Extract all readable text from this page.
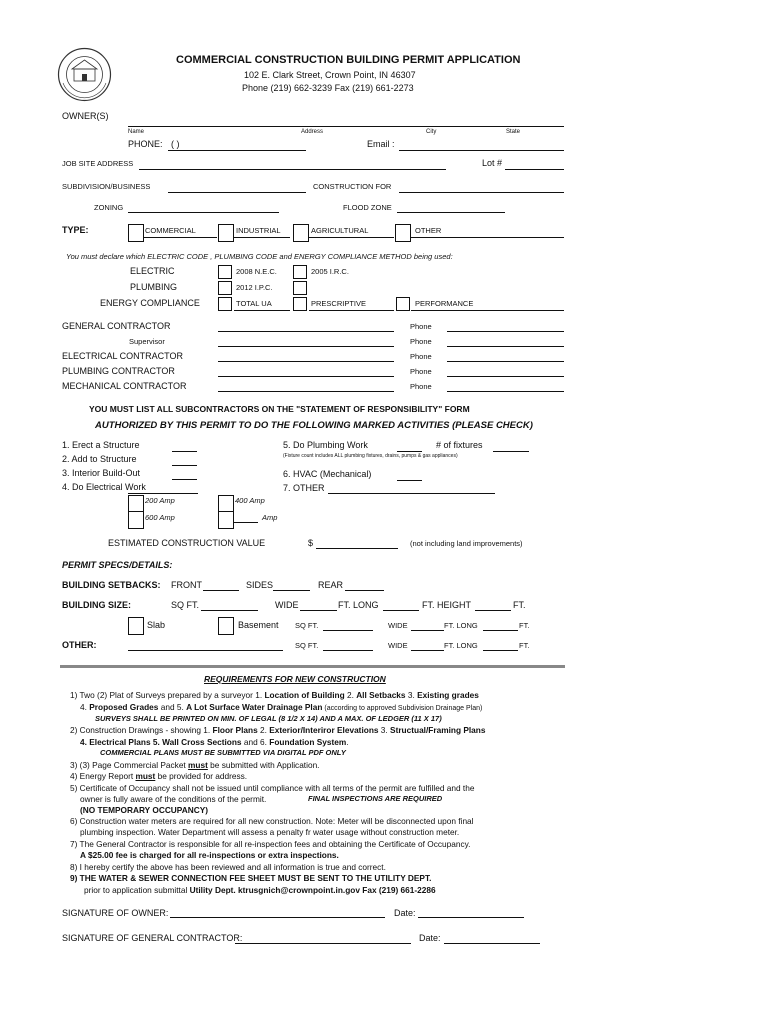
COMMERCIAL CONSTRUCTION BUILDING PERMIT APPLICATION
102 E. Clark Street, Crown Point, IN 46307
Phone (219) 662-3239 Fax (219) 661-2273
OWNER(S)
Name	Address	City	State
PHONE: ( )	Email :
JOB SITE ADDRESS	Lot #
SUBDIVISION/BUSINESS	CONSTRUCTION FOR
ZONING	FLOOD ZONE
TYPE:	COMMERCIAL	INDUSTRIAL	AGRICULTURAL	OTHER
You must declare which ELECTRIC CODE , PLUMBING CODE and ENERGY COMPLIANCE METHOD being used:
ELECTRIC	2008 N.E.C.	2005 I.R.C.
PLUMBING	2012 I.P.C.
ENERGY COMPLIANCE	TOTAL UA	PRESCRIPTIVE	PERFORMANCE
GENERAL CONTRACTOR	Phone
Supervisor	Phone
ELECTRICAL CONTRACTOR	Phone
PLUMBING CONTRACTOR	Phone
MECHANICAL CONTRACTOR	Phone
YOU MUST LIST ALL SUBCONTRACTORS ON THE "STATEMENT OF RESPONSIBILITY" FORM
AUTHORIZED BY THIS PERMIT TO DO THE FOLLOWING MARKED ACTIVITIES (PLEASE CHECK)
1. Erect a Structure
2. Add to Structure
3. Interior Build-Out
4. Do Electrical Work
5. Do Plumbing Work	# of fixtures
(Fixture count includes ALL plumbing fixtures, drains, pumps & gas appliances)
6. HVAC (Mechanical)
7. OTHER
200 Amp	400 Amp
600 Amp	Amp
ESTIMATED CONSTRUCTION VALUE	$	(not including land improvements)
PERMIT SPECS/DETAILS:
BUILDING SETBACKS: FRONT	SIDES	REAR
BUILDING SIZE:	SQ FT.	WIDE	FT. LONG	FT. HEIGHT	FT.
Slab	Basement SQ FT.	WIDE	FT. LONG	FT.
OTHER:	SQ FT.	WIDE	FT. LONG	FT.
REQUIREMENTS FOR NEW CONSTRUCTION
1) Two (2) Plat of Surveys prepared by a surveyor 1. Location of Building 2. All Setbacks 3. Existing grades
4. Proposed Grades and 5. A Lot Surface Water Drainage Plan (according to approved Subdivision Drainage Plan)
SURVEYS SHALL BE PRINTED ON MIN. OF LEGAL (8 1/2 X 14) AND A MAX. OF LEDGER (11 X 17)
2) Construction Drawings - showing 1. Floor Plans 2. Exterior/Interiror Elevations 3. Structual/Framing Plans
4. Electrical Plans 5. Wall Cross Sections and 6. Foundation System.
COMMERCIAL PLANS MUST BE SUBMITTED VIA DIGITAL PDF ONLY
3) (3) Page Commercial Packet must be submitted with Application.
4) Energy Report must be provided for address.
5) Certificate of Occupancy shall not be issued until compliance with all terms of the permit are fulfilled and the
owner is fully aware of the conditions of the permit.	FINAL INSPECTIONS ARE REQUIRED
6) Construction water meters are required for all new construction. Note: Meter will be disconnected upon final
plumbing inspection. Water Department will assess a penalty fr water usage without construction meter.
7) The General Contractor is responsible for all re-inspection fees and obtaining the Certificate of Occupancy.
A $25.00 fee is charged for all re-inspections or extra inspections.
(NO TEMPORARY OCCUPANCY)
8) I hereby certify the above has been reviewed and all information is true and correct.
9) THE WATER & SEWER CONNECTION FEE SHEET MUST BE SENT TO THE UTILITY DEPT.
prior to application submittal Utility Dept. ktrusgnich@crownpoint.in.gov Fax (219) 661-2286
SIGNATURE OF OWNER:	Date:
SIGNATURE OF GENERAL CONTRACTOR:	Date:
